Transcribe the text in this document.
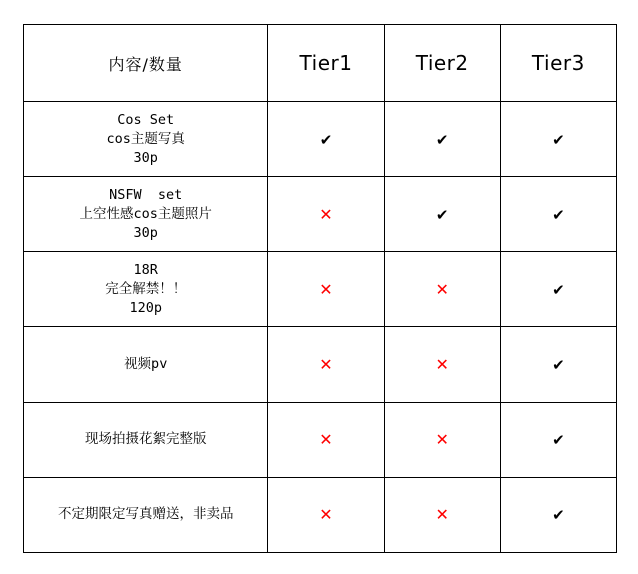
内容/数量	Tier1	Tier2	Tier3

Cos Set
cos主题写真
30p	✔	✔	✔

NSFW  set
上空性感cos主题照片
30p	✕	✔	✔

18R
完全解禁！！
120p	✕	✕	✔

视频pv	✕	✕	✔

现场拍摄花絮完整版	✕	✕	✔

不定期限定写真赠送，非卖品	✕	✕	✔
